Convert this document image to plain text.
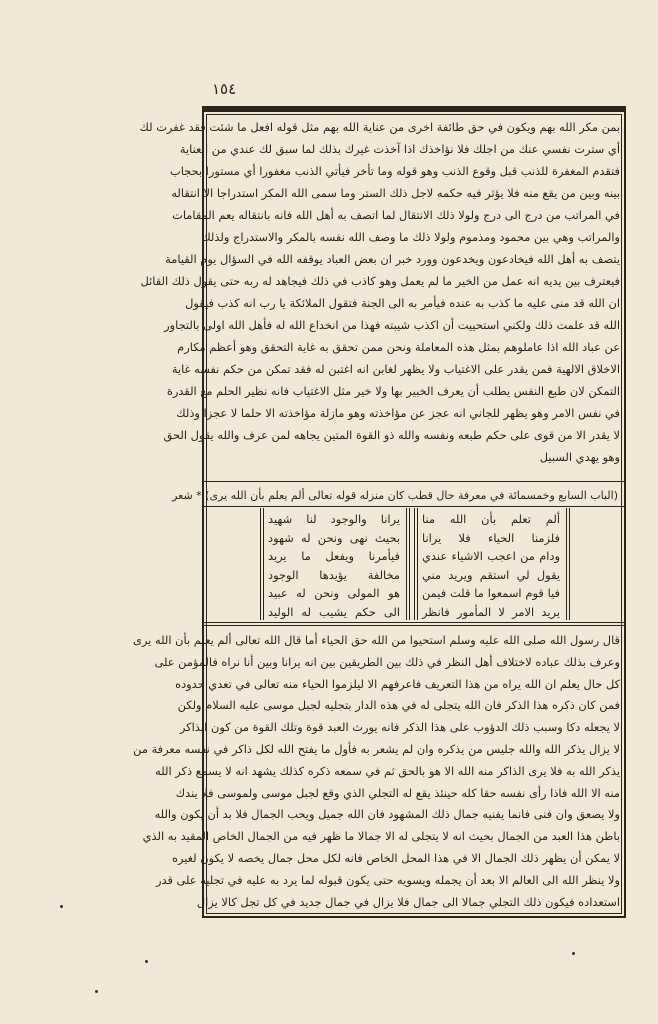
١٥٤
بمن مكر الله بهم ويكون في حق طائفة اخرى من عناية الله بهم مثل قوله افعل ما شئت فقد غفرت لك
أي سترت نفسي عنك من اجلك فلا نؤاخذك اذا آخذت غيرك بذلك لما سبق لك عندي من العناية
فتقدم المغفرة للذنب قبل وقوع الذنب وهو قوله وما تأخر فيأتي الذنب مغفورا أي مستورا بحجاب
بينه وبين من يقع منه فلا يؤثر فيه حكمه لاجل ذلك الستر وما سمى الله المكر استدراجا الا انتقاله
في المراتب من درج الى درج ولولا ذلك الانتقال لما اتصف به أهل الله فانه بانتقاله يعم المقامات
والمراتب وهي بين محمود ومذموم ولولا ذلك ما وصف الله نفسه بالمكر والاستدراج ولذلك
يتصف به أهل الله فيخادعون ويخدعون وورد خبر ان بعض العباد يوقفه الله في السؤال يوم القيامة
فيعترف بين يديه انه عمل من الخير ما لم يعمل وهو كاذب في ذلك فيجاهد له ربه حتى يقول ذلك القائل
ان الله قد منى عليه ما كذب به عنده فيأمر به الى الجنة فتقول الملائكة يا رب انه كذب فيقول
الله قد علمت ذلك ولكني استحييت أن اكذب شيبته فهذا من انخداع الله له فأهل الله اولى بالتجاور
عن عباد الله اذا عاملوهم بمثل هذه المعاملة ونحن ممن تحقق به غاية التحقق وهو أعظم مكارم
الاخلاق الالهية فمن يقدر على الاغتياب ولا يظهر لغابن انه اغتبن له فقد تمكن من حكم نفسه غاية
التمكن لان طبع النفس يطلب أن يعرف الخبير بها ولا خير مثل الاغتياب فانه نظير الحلم مع القدرة
في نفس الامر وهو يظهر للجاني انه عجز عن مؤاخذته وهو مازلة مؤاخذته الا حلما لا عجزا وذلك
لا يقدر الا من قوى على حكم طبعه ونفسه والله ذو القوة المتين يجاهه لمن عرف والله يقول الحق
وهو يهدي السبيل
(الباب السابع وخمسمائة في معرفة حال قطب كان منزله قوله تعالى ألم يعلم بأن الله يرى) * شعر
ألم تعلم بأن الله منا
فلزمنا الحياء فلا يرانا
ودام من اعجب الاشياء عندي
يقول لي استقم ويريد مني
فيا قوم اسمعوا ما قلت فيمن
يريد الامر لا المأمور فانظر
يرانا والوجود لنا شهيد
بحيث نهى ونحن له شهود
فيأمرنا ويفعل ما يريد
مخالفة يؤيدها الوجود
هو المولى ونحن له عبيد
الى حكم يشيب له الوليد
قال رسول الله صلى الله عليه وسلم استحيوا من الله حق الحياء أما قال الله تعالى ألم يعلم بأن الله يرى
وعرف بذلك عباده لاختلاف أهل النظر في ذلك بين الطريقين بين انه يرانا وبين أنا نراه فالمؤمن على
كل حال يعلم ان الله يراه من هذا التعريف فاعرفهم الا ليلزموا الحياء منه تعالى في تعدي حدوده
فمن كان ذكره هذا الذكر فان الله يتجلى له في هذه الدار بتجليه لجبل موسى عليه السلام ولكن
لا يجعله دكا وسبب ذلك الدؤوب على هذا الذكر فانه يورث العبد قوة وتلك القوة من كون الذاكر
لا يزال يذكر الله والله جليس من يذكره وان لم يشعر به فأول ما يفتح الله لكل ذاكر في نفسه معرفة من
يذكر الله به فلا يرى الذاكر منه الله الا هو بالحق ثم في سمعه ذكره كذلك يشهد انه لا يسمع ذكر الله
منه الا الله فاذا رأى نفسه حقا كله حينئذ يقع له التجلي الذي وقع لجبل موسى ولموسى فلا يندك
ولا يصعق وان فنى فانما يفنيه جمال ذلك المشهود فان الله جميل ويحب الجمال فلا بد أن يكون والله
باطن هذا العبد من الجمال بحيث انه لا يتجلى له الا جمالا ما ظهر فيه من الجمال الخاص المقيد به الذي
لا يمكن أن يظهر ذلك الجمال الا في هذا المحل الخاص فانه لكل محل جمال يخصه لا يكون لغيره
ولا ينظر الله الى العالم الا بعد أن يجمله ويسويه حتى يكون قبوله لما يرد به عليه في تجليه على قدر
استعداده فيكون ذلك التجلي جمالا الى جمال فلا يزال في جمال جديد في كل تجل كالا يزال
